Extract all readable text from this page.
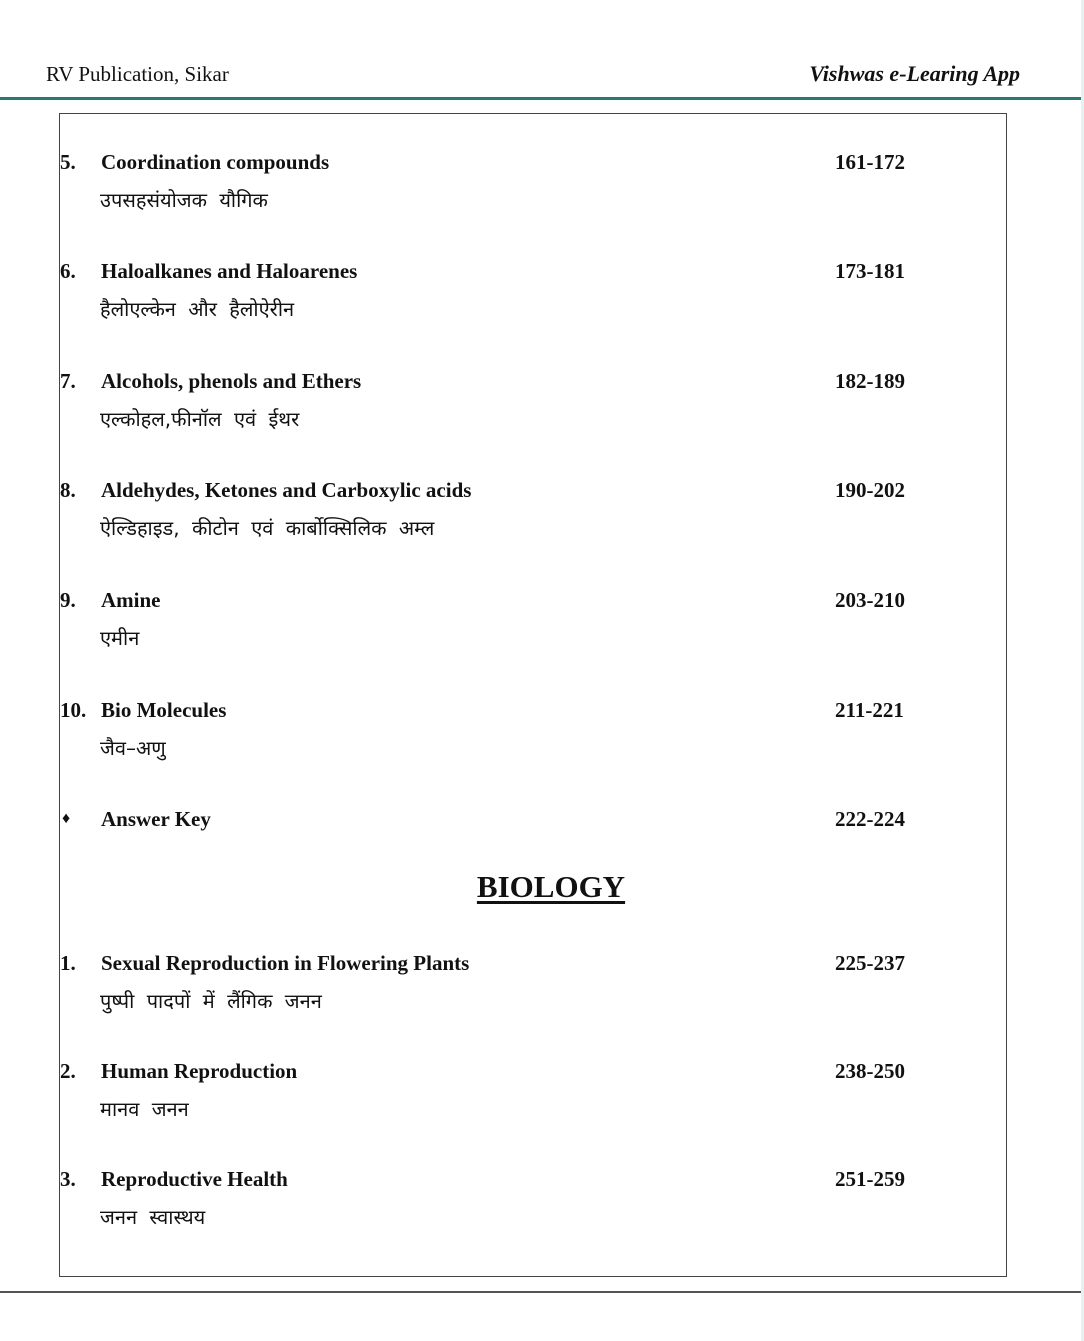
RV Publication, Sikar	Vishwas e-Learing App
5. Coordination compounds
उपसहसंयोजक यौगिक
161-172
6. Haloalkanes and Haloarenes
हैलोएल्केन और हैलोऐरीन
173-181
7. Alcohols, phenols and Ethers
एल्कोहल,फीनॉल एवं ईथर
182-189
8. Aldehydes, Ketones and Carboxylic acids
ऐल्डिहाइड, कीटोन एवं कार्बोक्सिलिक अम्ल
190-202
9. Amine
एमीन
203-210
10. Bio Molecules
जैव–अणु
211-221
♦ Answer Key	222-224
BIOLOGY
1. Sexual Reproduction in Flowering Plants
पुष्पी पादपों में लैंगिक जनन
225-237
2. Human Reproduction
मानव जनन
238-250
3. Reproductive Health
जनन स्वास्थय
251-259
